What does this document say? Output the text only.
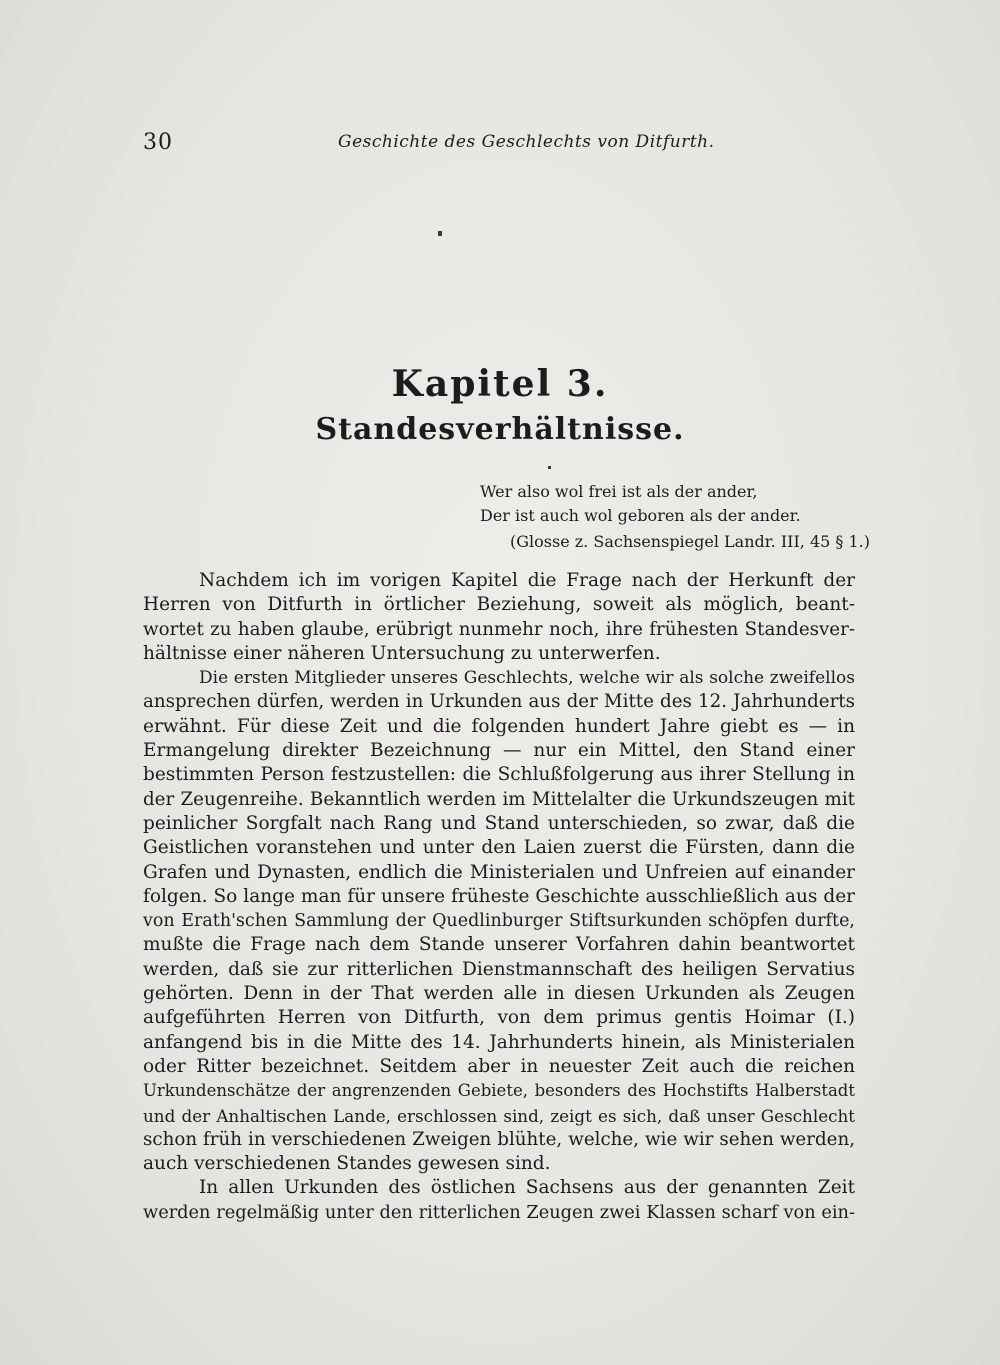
30	Geschichte des Geschlechts von Ditfurth.
Kapitel 3.
Standesverhältnisse.
Wer also wol frei ist als der ander,
Der ist auch wol geboren als der ander.
(Glosse z. Sachsenspiegel Landr. III, 45 § 1.)
Nachdem ich im vorigen Kapitel die Frage nach der Herkunft der
Herren von Ditfurth in örtlicher Beziehung, soweit als möglich, beant-
wortet zu haben glaube, erübrigt nunmehr noch, ihre frühesten Standesver-
hältnisse einer näheren Untersuchung zu unterwerfen.
Die ersten Mitglieder unseres Geschlechts, welche wir als solche zweifellos
ansprechen dürfen, werden in Urkunden aus der Mitte des 12. Jahrhunderts
erwähnt. Für diese Zeit und die folgenden hundert Jahre giebt es — in
Ermangelung direkter Bezeichnung — nur ein Mittel, den Stand einer
bestimmten Person festzustellen: die Schlußfolgerung aus ihrer Stellung in
der Zeugenreihe. Bekanntlich werden im Mittelalter die Urkundszeugen mit
peinlicher Sorgfalt nach Rang und Stand unterschieden, so zwar, daß die
Geistlichen voranstehen und unter den Laien zuerst die Fürsten, dann die
Grafen und Dynasten, endlich die Ministerialen und Unfreien auf einander
folgen. So lange man für unsere früheste Geschichte ausschließlich aus der
von Erath'schen Sammlung der Quedlinburger Stiftsurkunden schöpfen durfte,
mußte die Frage nach dem Stande unserer Vorfahren dahin beantwortet
werden, daß sie zur ritterlichen Dienstmannschaft des heiligen Servatius
gehörten. Denn in der That werden alle in diesen Urkunden als Zeugen
aufgeführten Herren von Ditfurth, von dem primus gentis Hoimar (I.)
anfangend bis in die Mitte des 14. Jahrhunderts hinein, als Ministerialen
oder Ritter bezeichnet. Seitdem aber in neuester Zeit auch die reichen
Urkundenschätze der angrenzenden Gebiete, besonders des Hochstifts Halberstadt
und der Anhaltischen Lande, erschlossen sind, zeigt es sich, daß unser Geschlecht
schon früh in verschiedenen Zweigen blühte, welche, wie wir sehen werden,
auch verschiedenen Standes gewesen sind.
In allen Urkunden des östlichen Sachsens aus der genannten Zeit
werden regelmäßig unter den ritterlichen Zeugen zwei Klassen scharf von ein-
